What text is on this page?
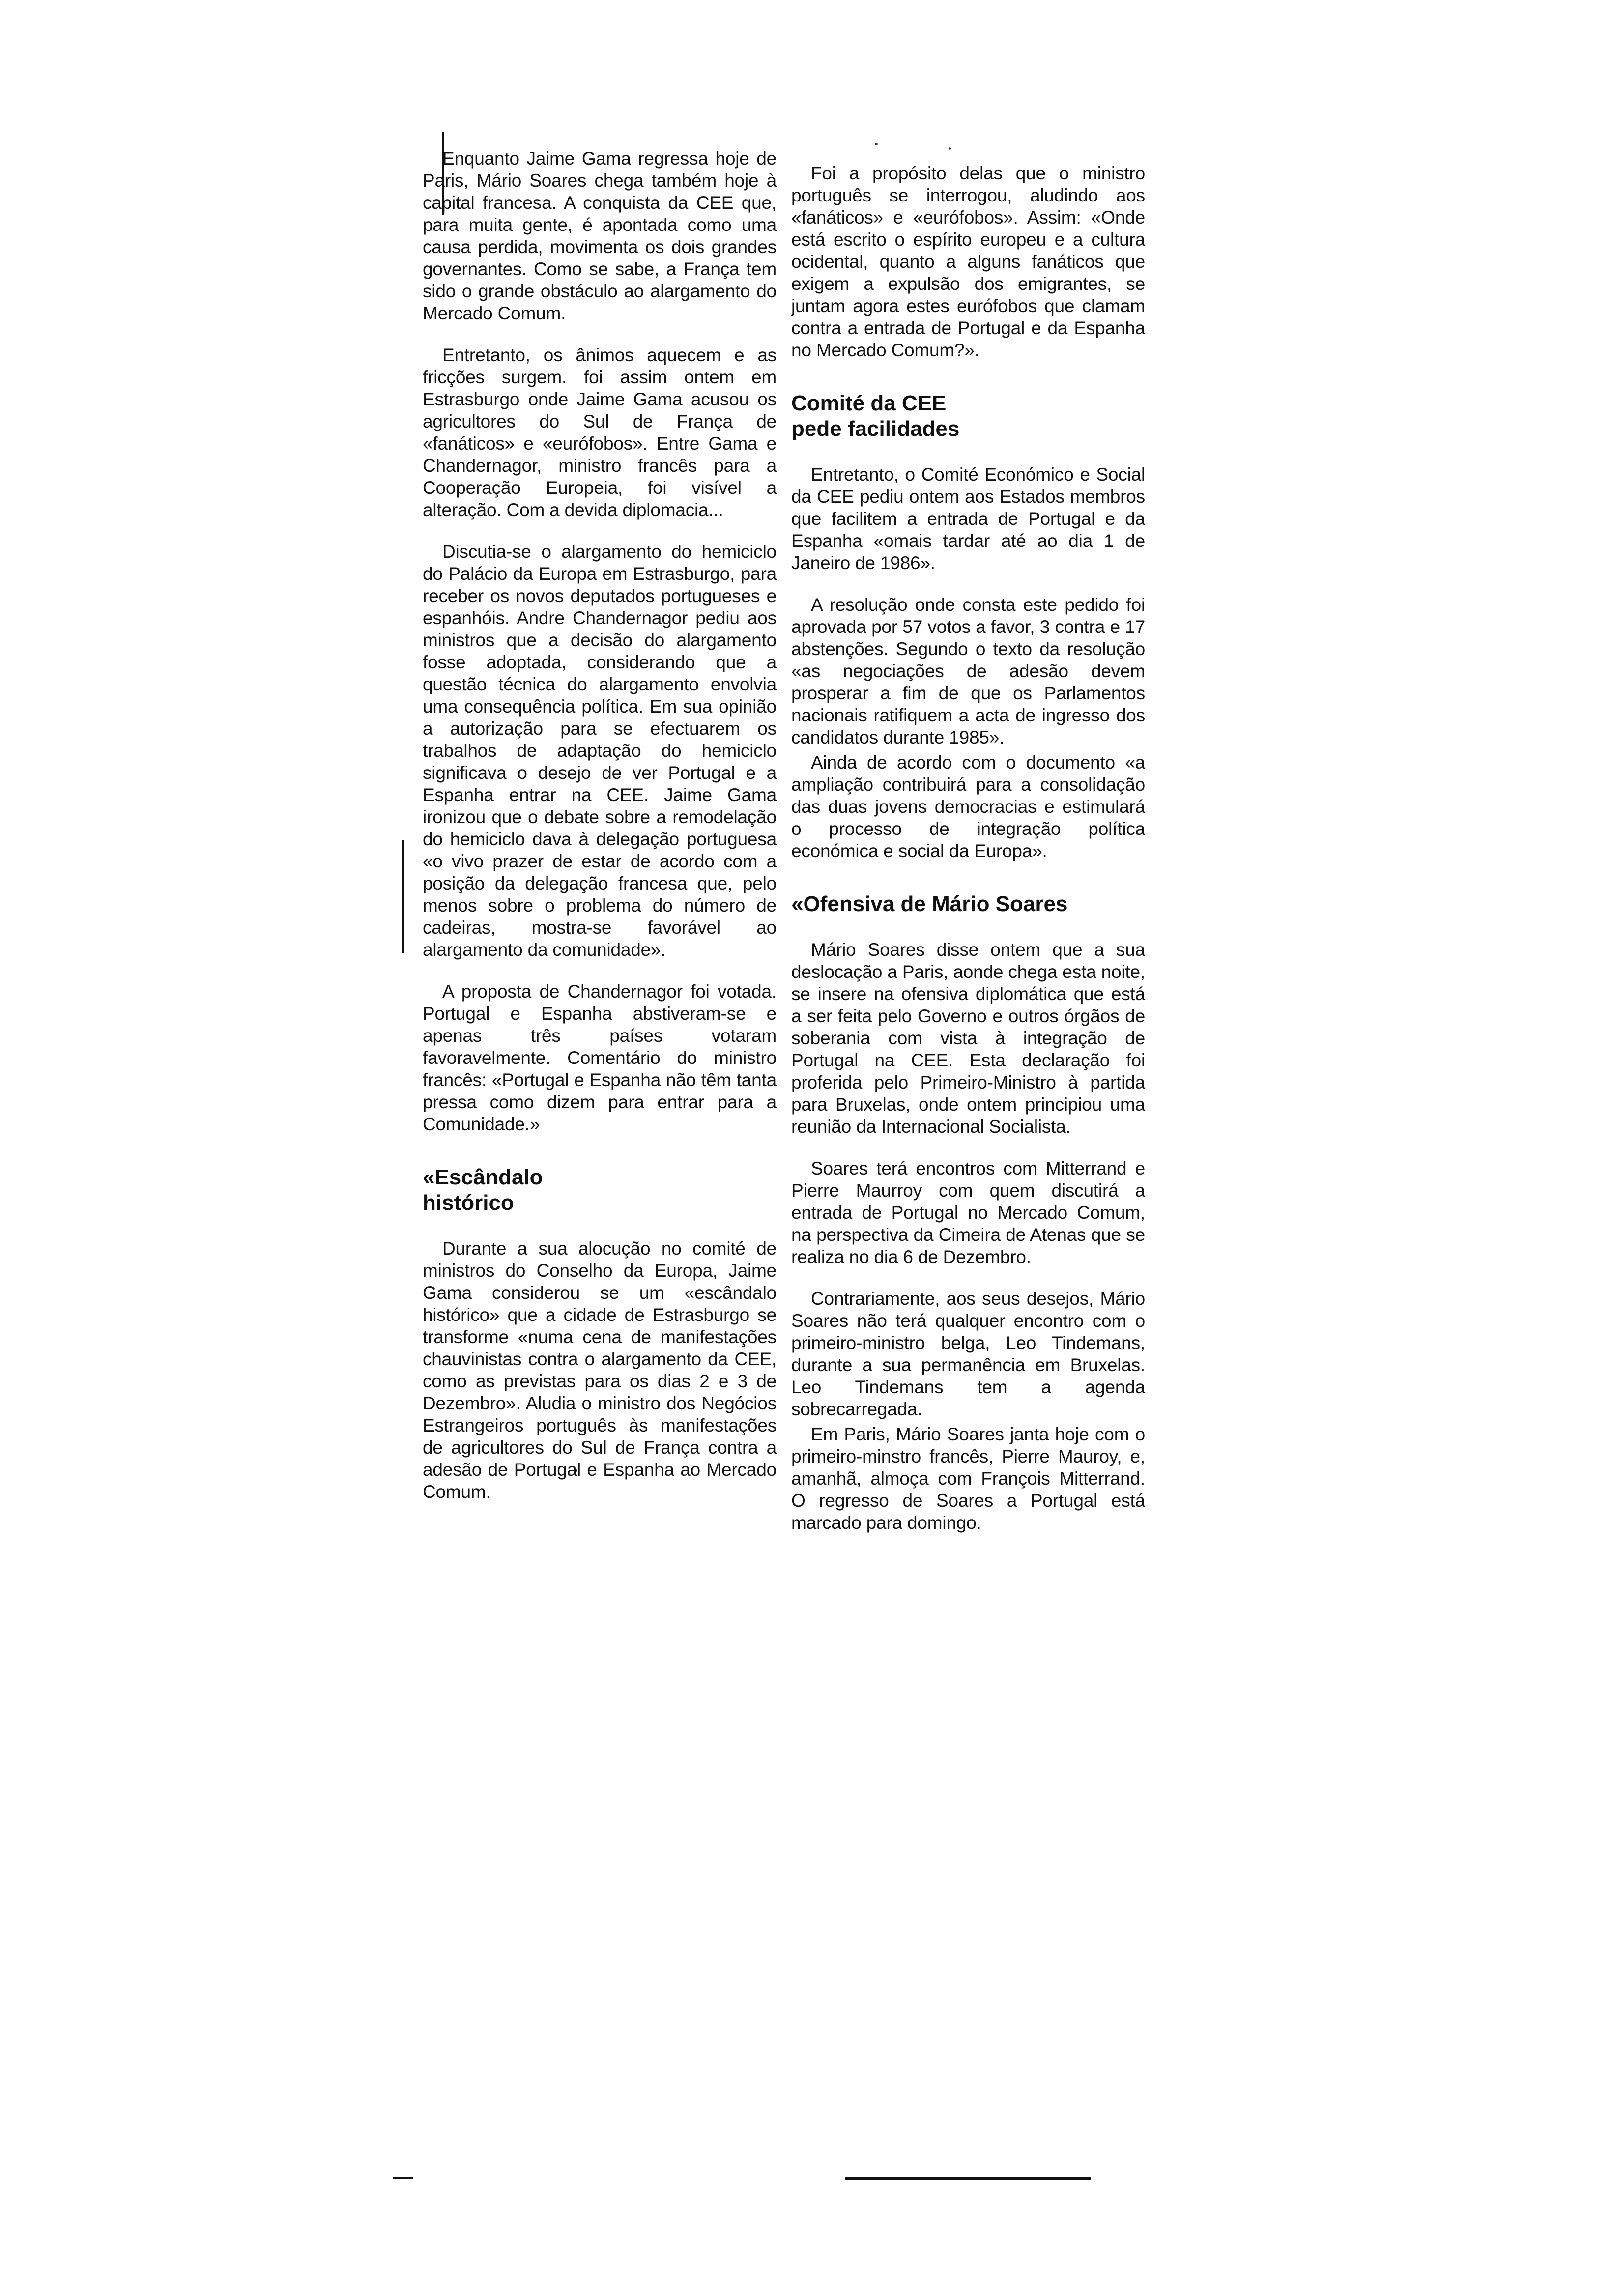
Enquanto Jaime Gama regressa hoje de Paris, Mário Soares chega também hoje à capital francesa. A conquista da CEE que, para muita gente, é apontada como uma causa perdida, movimenta os dois grandes governantes. Como se sabe, a França tem sido o grande obstáculo ao alargamento do Mercado Comum.

Entretanto, os ânimos aquecem e as fricções surgem. foi assim ontem em Estrasburgo onde Jaime Gama acusou os agricultores do Sul de França de «fanáticos» e «eurófobos». Entre Gama e Chandernagor, ministro francês para a Cooperação Europeia, foi visível a alteração. Com a devida diplomacia...

Discutia-se o alargamento do hemiciclo do Palácio da Europa em Estrasburgo, para receber os novos deputados portugueses e espanhóis. Andre Chandernagor pediu aos ministros que a decisão do alargamento fosse adoptada, considerando que a questão técnica do alargamento envolvia uma consequência política. Em sua opinião a autorização para se efectuarem os trabalhos de adaptação do hemiciclo significava o desejo de ver Portugal e a Espanha entrar na CEE. Jaime Gama ironizou que o debate sobre a remodelação do hemiciclo dava à delegação portuguesa «o vivo prazer de estar de acordo com a posição da delegação francesa que, pelo menos sobre o problema do número de cadeiras, mostra-se favorável ao alargamento da comunidade».

A proposta de Chandernagor foi votada. Portugal e Espanha abstiveram-se e apenas três países votaram favoravelmente. Comentário do ministro francês: «Portugal e Espanha não têm tanta pressa como dizem para entrar para a Comunidade.»

«Escândalo histórico

Durante a sua alocução no comité de ministros do Conselho da Europa, Jaime Gama considerou se um «escândalo histórico» que a cidade de Estrasburgo se transforme «numa cena de manifestações chauvinistas contra o alargamento da CEE, como as previstas para os dias 2 e 3 de Dezembro». Aludia o ministro dos Negócios Estrangeiros português às manifestações de agricultores do Sul de França contra a adesão de Portugal e Espanha ao Mercado Comum.

Foi a propósito delas que o ministro português se interrogou, aludindo aos «fanáticos» e «eurófobos». Assim: «Onde está escrito o espírito europeu e a cultura ocidental, quanto a alguns fanáticos que exigem a expulsão dos emigrantes, se juntam agora estes eurófobos que clamam contra a entrada de Portugal e da Espanha no Mercado Comum?».

Comité da CEE pede facilidades

Entretanto, o Comité Económico e Social da CEE pediu ontem aos Estados membros que facilitem a entrada de Portugal e da Espanha «omais tardar até ao dia 1 de Janeiro de 1986».

A resolução onde consta este pedido foi aprovada por 57 votos a favor, 3 contra e 17 abstenções. Segundo o texto da resolução «as negociações de adesão devem prosperar a fim de que os Parlamentos nacionais ratifiquem a acta de ingresso dos candidatos durante 1985».

Ainda de acordo com o documento «a ampliação contribuirá para a consolidação das duas jovens democracias e estimulará o processo de integração política económica e social da Europa».

«Ofensiva de Mário Soares

Mário Soares disse ontem que a sua deslocação a Paris, aonde chega esta noite, se insere na ofensiva diplomática que está a ser feita pelo Governo e outros órgãos de soberania com vista à integração de Portugal na CEE. Esta declaração foi proferida pelo Primeiro-Ministro à partida para Bruxelas, onde ontem principiou uma reunião da Internacional Socialista.

Soares terá encontros com Mitterrand e Pierre Maurroy com quem discutirá a entrada de Portugal no Mercado Comum, na perspectiva da Cimeira de Atenas que se realiza no dia 6 de Dezembro.

Contrariamente, aos seus desejos, Mário Soares não terá qualquer encontro com o primeiro-ministro belga, Leo Tindemans, durante a sua permanência em Bruxelas. Leo Tindemans tem a agenda sobrecarregada.

Em Paris, Mário Soares janta hoje com o primeiro-minstro francês, Pierre Mauroy, e, amanhã, almoça com François Mitterrand. O regresso de Soares a Portugal está marcado para domingo.
